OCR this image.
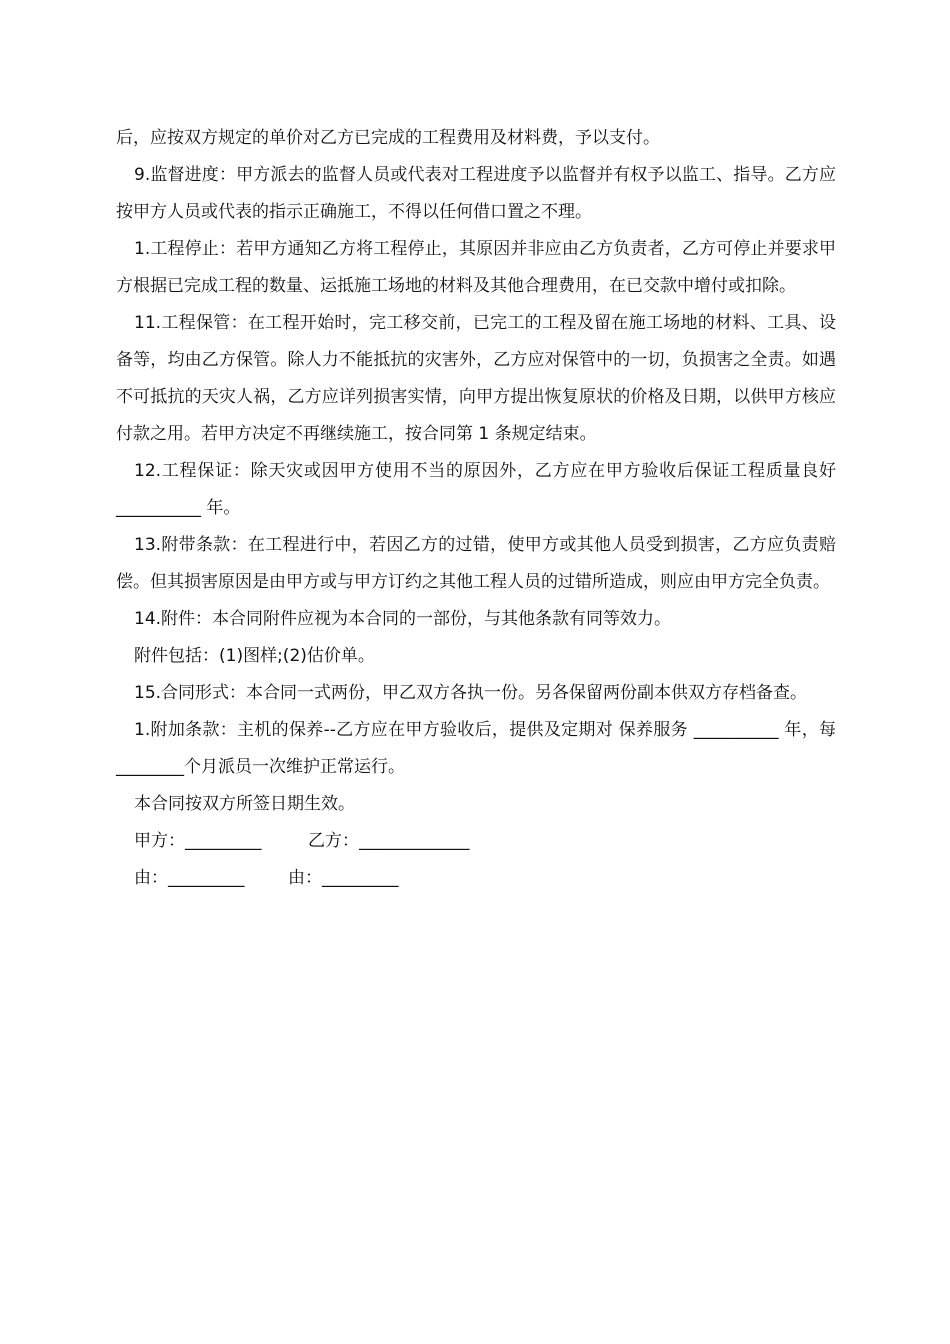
后，应按双方规定的单价对乙方已完成的工程费用及材料费，予以支付。

9.监督进度：甲方派去的监督人员或代表对工程进度予以监督并有权予以监工、指导。乙方应按甲方人员或代表的指示正确施工，不得以任何借口置之不理。

1.工程停止：若甲方通知乙方将工程停止，其原因并非应由乙方负责者，乙方可停止并要求甲方根据已完成工程的数量、运抵施工场地的材料及其他合理费用，在已交款中增付或扣除。

11.工程保管：在工程开始时，完工移交前，已完工的工程及留在施工场地的材料、工具、设备等，均由乙方保管。除人力不能抵抗的灾害外，乙方应对保管中的一切，负损害之全责。如遇不可抵抗的天灾人祸，乙方应详列损害实情，向甲方提出恢复原状的价格及日期，以供甲方核应付款之用。若甲方决定不再继续施工，按合同第 1 条规定结束。

12.工程保证：除天灾或因甲方使用不当的原因外，乙方应在甲方验收后保证工程质量良好 __________ 年。

13.附带条款：在工程进行中，若因乙方的过错，使甲方或其他人员受到损害，乙方应负责赔偿。但其损害原因是由甲方或与甲方订约之其他工程人员的过错所造成，则应由甲方完全负责。

14.附件：本合同附件应视为本合同的一部份，与其他条款有同等效力。

附件包括：(1)图样;(2)估价单。

15.合同形式：本合同一式两份，甲乙双方各执一份。另各保留两份副本供双方存档备查。

1.附加条款：主机的保养--乙方应在甲方验收后，提供及定期对 保养服务 __________ 年，每 ________个月派员一次维护正常运行。

本合同按双方所签日期生效。

甲方：_________	乙方：_____________
由：_________	由：_________
